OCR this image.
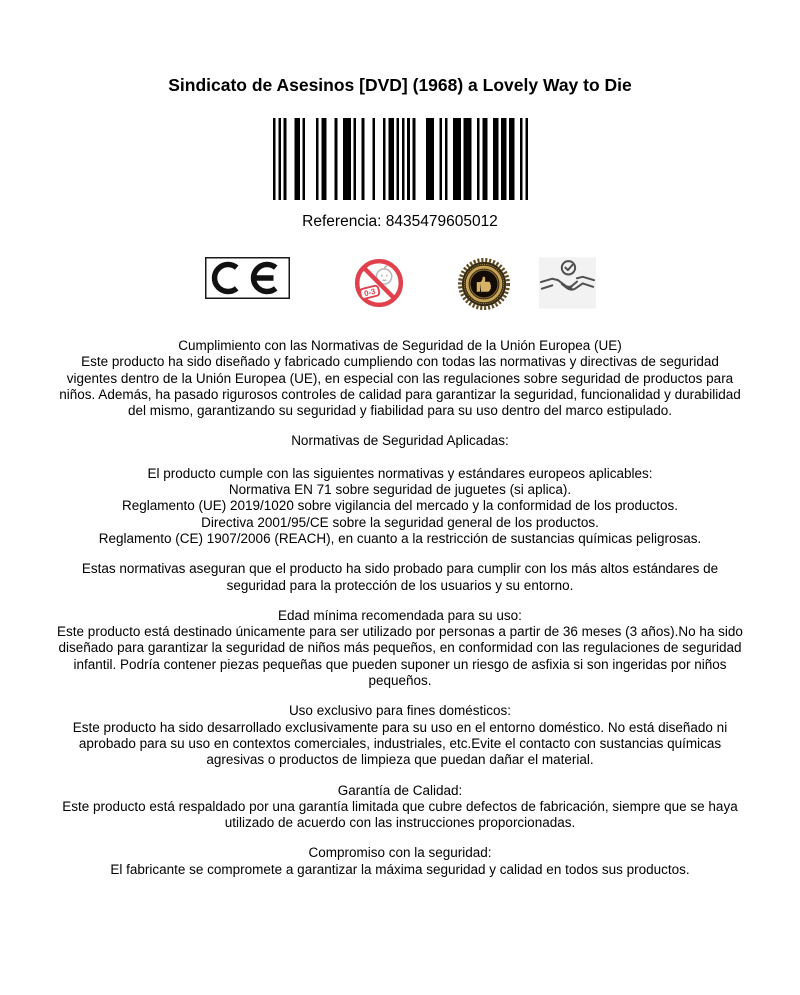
Sindicato de Asesinos [DVD] (1968) a Lovely Way to Die
Referencia: 8435479605012
0-3
Cumplimiento con las Normativas de Seguridad de la Unión Europea (UE)
Este producto ha sido diseñado y fabricado cumpliendo con todas las normativas y directivas de seguridad vigentes dentro de la Unión Europea (UE), en especial con las regulaciones sobre seguridad de productos para niños. Además, ha pasado rigurosos controles de calidad para garantizar la seguridad, funcionalidad y durabilidad del mismo, garantizando su seguridad y fiabilidad para su uso dentro del marco estipulado.
Normativas de Seguridad Aplicadas:
El producto cumple con las siguientes normativas y estándares europeos aplicables:
Normativa EN 71 sobre seguridad de juguetes (si aplica).
Reglamento (UE) 2019/1020 sobre vigilancia del mercado y la conformidad de los productos.
Directiva 2001/95/CE sobre la seguridad general de los productos.
Reglamento (CE) 1907/2006 (REACH), en cuanto a la restricción de sustancias químicas peligrosas.
Estas normativas aseguran que el producto ha sido probado para cumplir con los más altos estándares de seguridad para la protección de los usuarios y su entorno.
Edad mínima recomendada para su uso:
Este producto está destinado únicamente para ser utilizado por personas a partir de 36 meses (3 años).No ha sido diseñado para garantizar la seguridad de niños más pequeños, en conformidad con las regulaciones de seguridad infantil. Podría contener piezas pequeñas que pueden suponer un riesgo de asfixia si son ingeridas por niños pequeños.
Uso exclusivo para fines domésticos:
Este producto ha sido desarrollado exclusivamente para su uso en el entorno doméstico. No está diseñado ni aprobado para su uso en contextos comerciales, industriales, etc.Evite el contacto con sustancias químicas agresivas o productos de limpieza que puedan dañar el material.
Garantía de Calidad:
Este producto está respaldado por una garantía limitada que cubre defectos de fabricación, siempre que se haya utilizado de acuerdo con las instrucciones proporcionadas.
Compromiso con la seguridad:
El fabricante se compromete a garantizar la máxima seguridad y calidad en todos sus productos.
